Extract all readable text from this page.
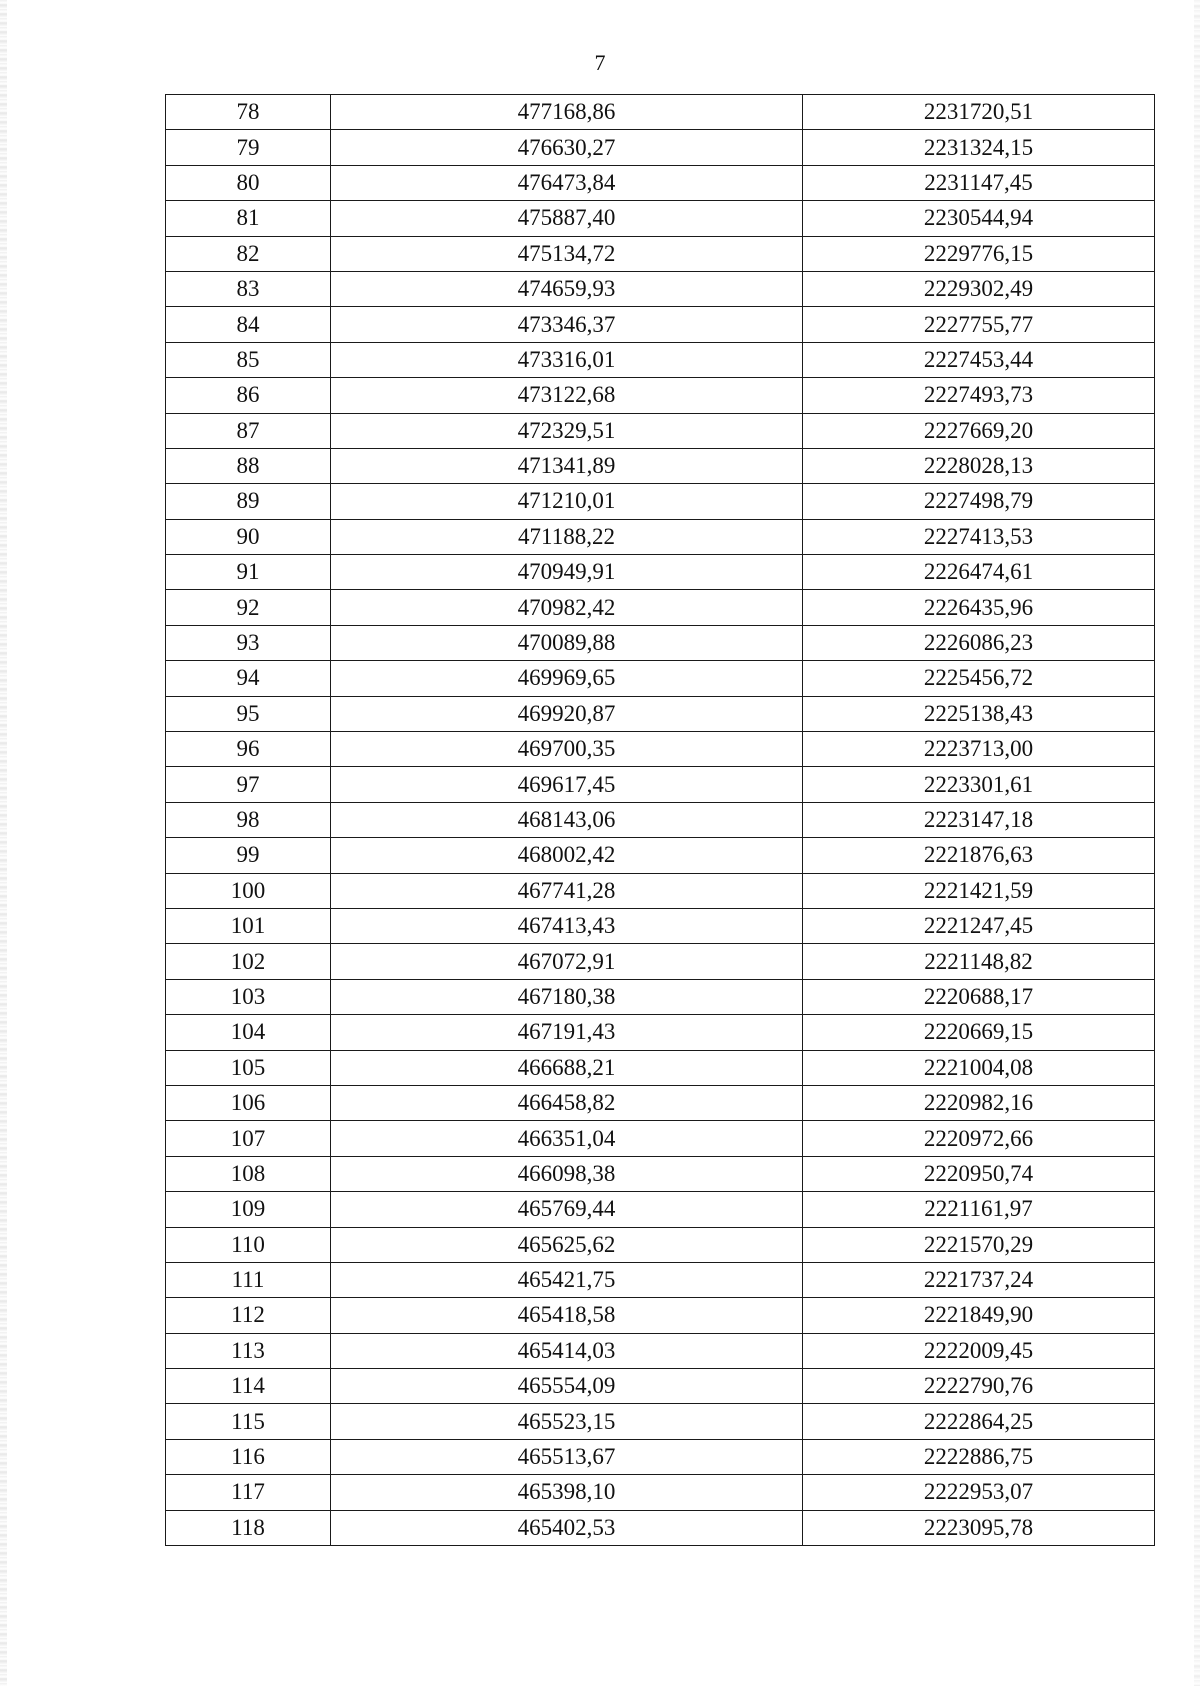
7
78	477168,86	2231720,51
79	476630,27	2231324,15
80	476473,84	2231147,45
81	475887,40	2230544,94
82	475134,72	2229776,15
83	474659,93	2229302,49
84	473346,37	2227755,77
85	473316,01	2227453,44
86	473122,68	2227493,73
87	472329,51	2227669,20
88	471341,89	2228028,13
89	471210,01	2227498,79
90	471188,22	2227413,53
91	470949,91	2226474,61
92	470982,42	2226435,96
93	470089,88	2226086,23
94	469969,65	2225456,72
95	469920,87	2225138,43
96	469700,35	2223713,00
97	469617,45	2223301,61
98	468143,06	2223147,18
99	468002,42	2221876,63
100	467741,28	2221421,59
101	467413,43	2221247,45
102	467072,91	2221148,82
103	467180,38	2220688,17
104	467191,43	2220669,15
105	466688,21	2221004,08
106	466458,82	2220982,16
107	466351,04	2220972,66
108	466098,38	2220950,74
109	465769,44	2221161,97
110	465625,62	2221570,29
111	465421,75	2221737,24
112	465418,58	2221849,90
113	465414,03	2222009,45
114	465554,09	2222790,76
115	465523,15	2222864,25
116	465513,67	2222886,75
117	465398,10	2222953,07
118	465402,53	2223095,78
